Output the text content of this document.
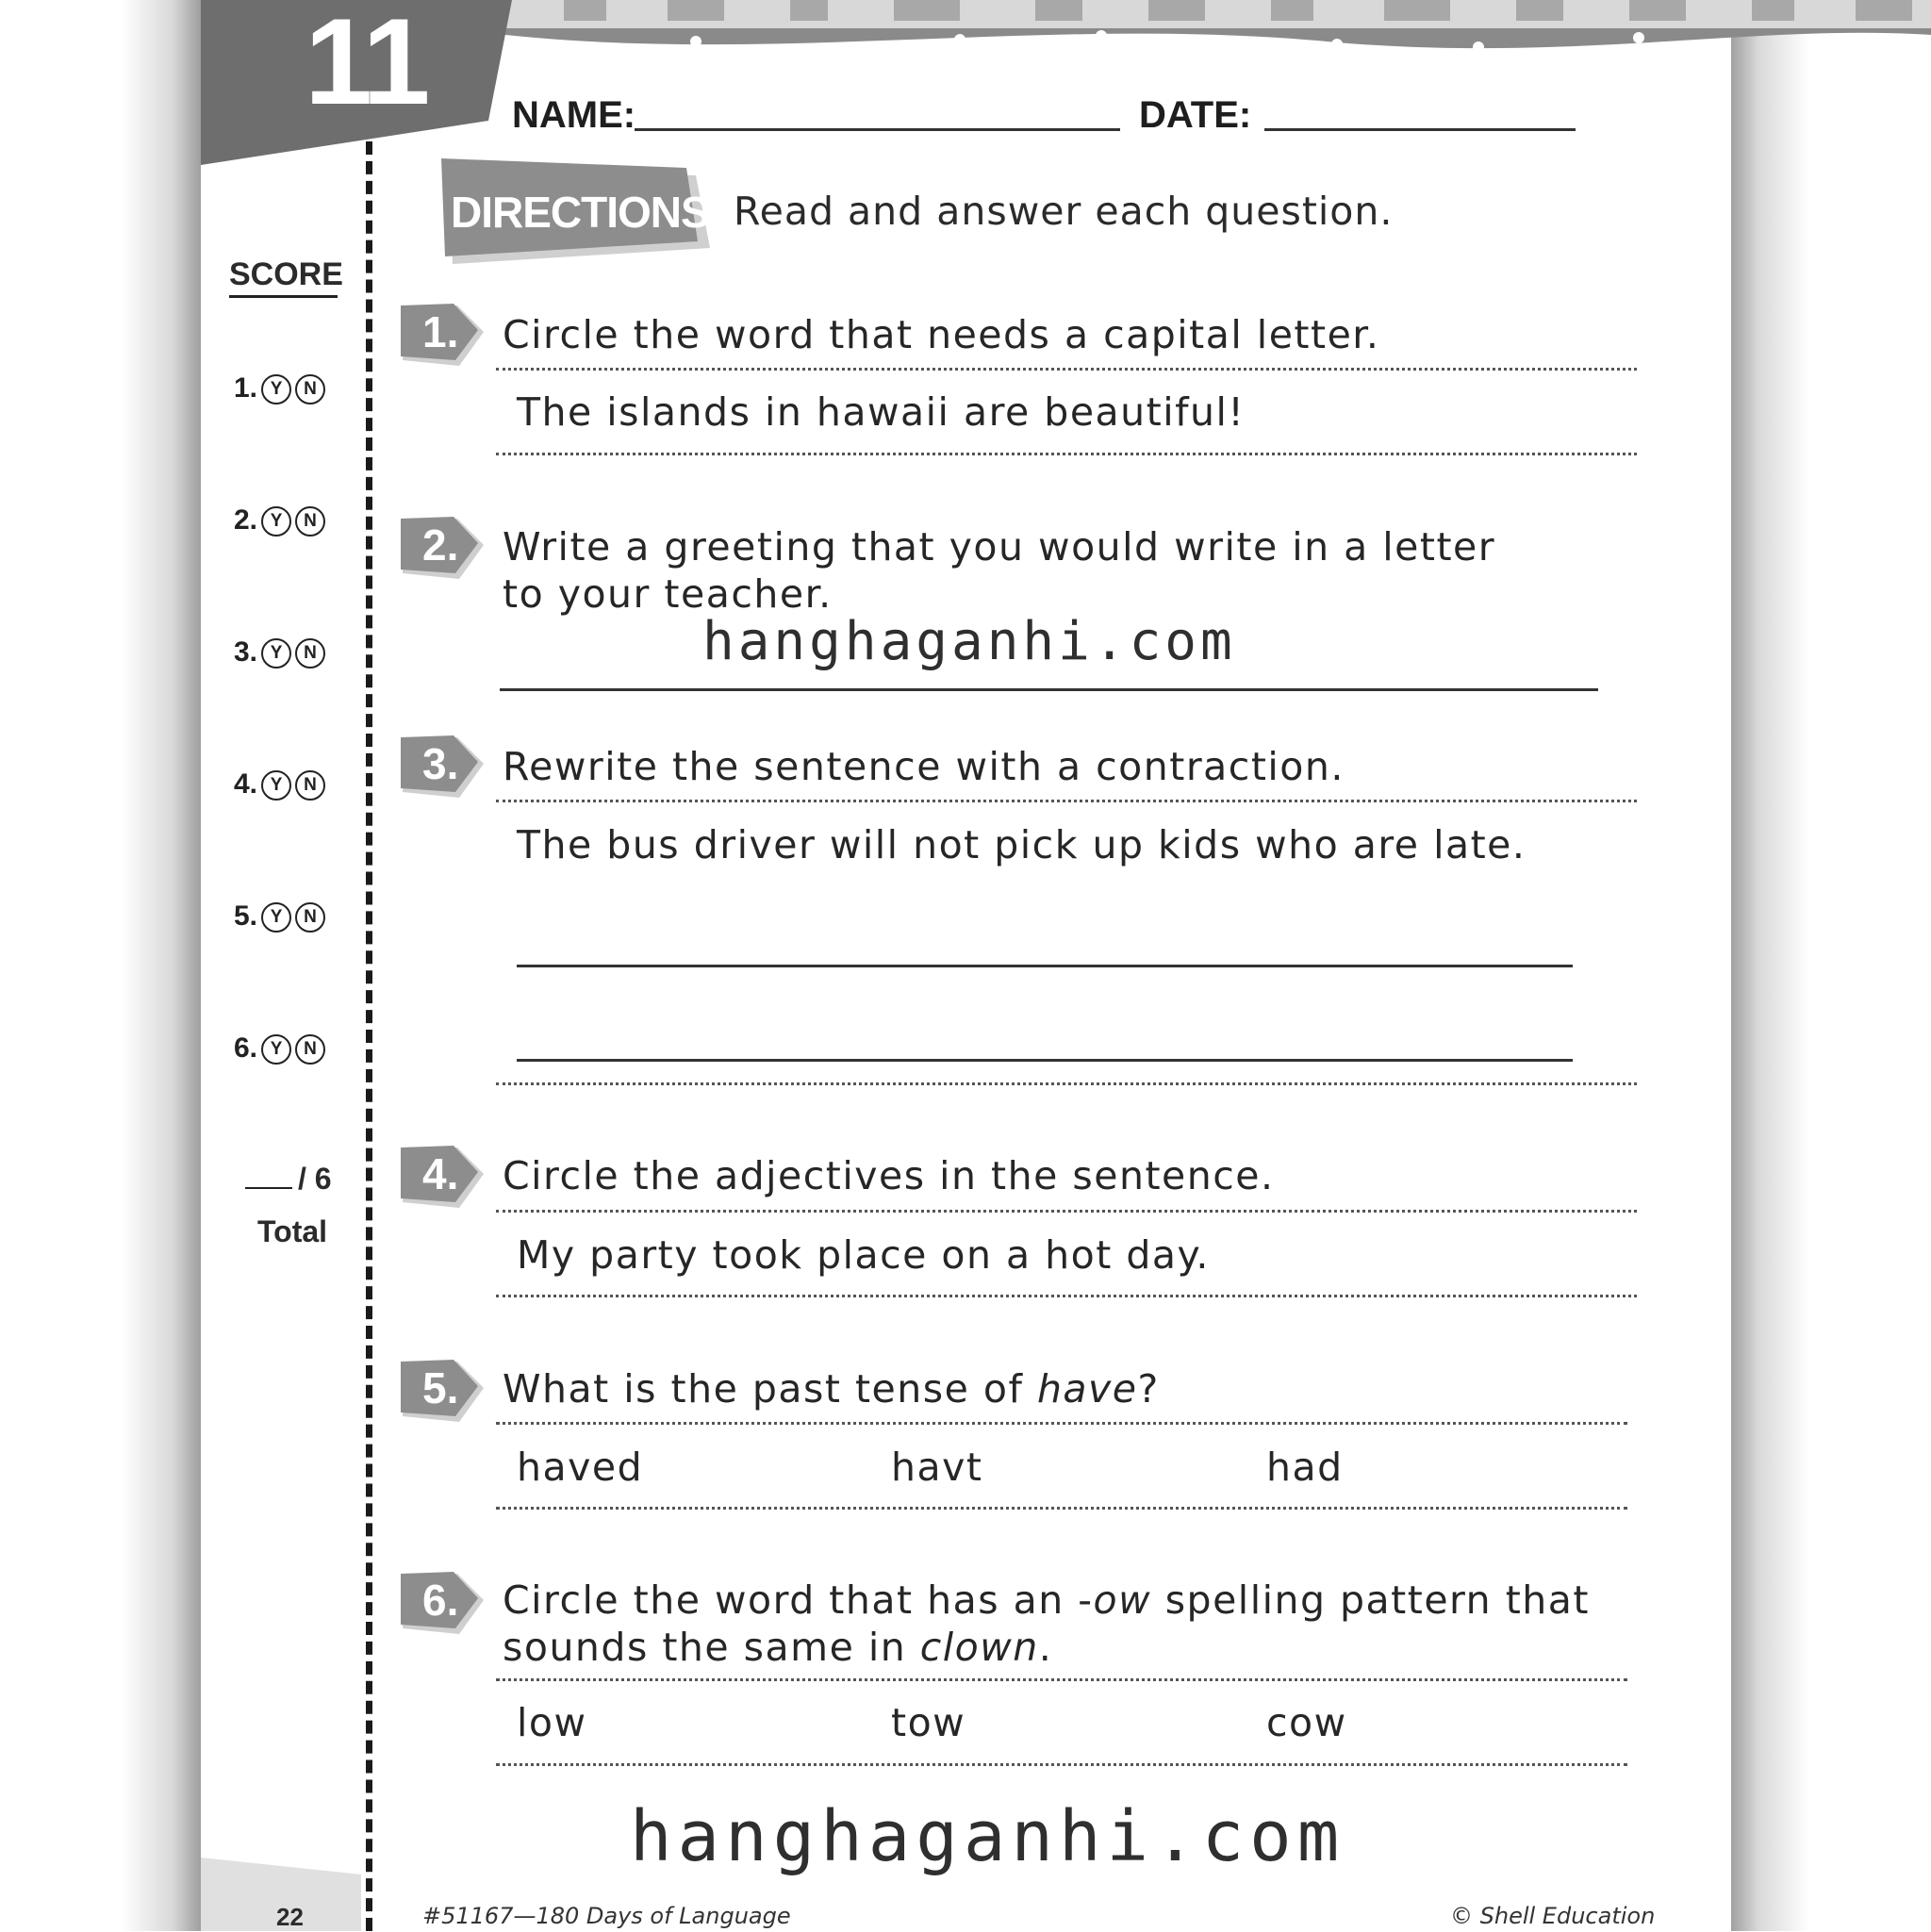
11 NAME:	DATE:
DIRECTIONS Read and answer each question.
SCORE
1. Y N
2. Y N
3. Y N
4. Y N
5. Y N
6. Y N
/ 6
Total
1. Circle the word that needs a capital letter.
The islands in hawaii are beautiful!
2. Write a greeting that you would write in a letter
to your teacher.
3. Rewrite the sentence with a contraction.
The bus driver will not pick up kids who are late.
4. Circle the adjectives in the sentence.
My party took place on a hot day.
5. What is the past tense of have?
haved	havt	had
6. Circle the word that has an -ow spelling pattern that
sounds the same in clown.
low	tow	cow
hanghaganhi.com
hanghaganhi.com
22	#51167—180 Days of Language	© Shell Education
